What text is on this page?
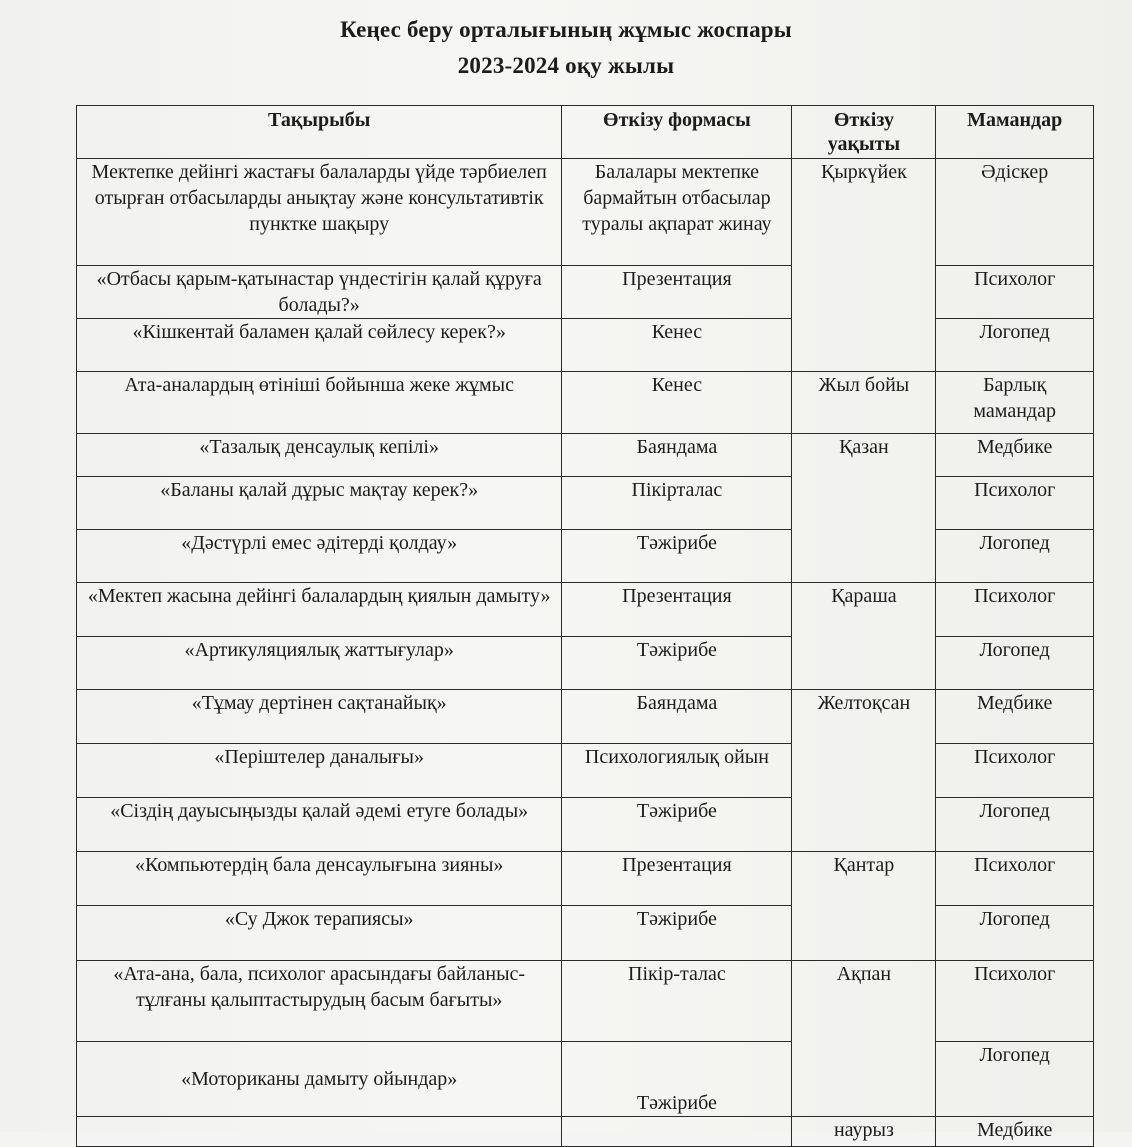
Кеңес беру орталығының жұмыс жоспары
2023-2024 оқу жылы
Тақырыбы	Өткізу формасы	Өткізу уақыты	Мамандар
Мектепке дейінгі жастағы балаларды үйде тәрбиелеп отырған отбасыларды анықтау және консультативтік пунктке шақыру	Балалары мектепке бармайтын отбасылар туралы ақпарат жинау	Қыркүйек	Әдіскер
«Отбасы қарым-қатынастар үндестігін қалай құруға болады?»	Презентация		Психолог
«Кішкентай баламен қалай сөйлесу керек?»	Кенес		Логопед
Ата-аналардың өтініші бойынша жеке жұмыс	Кенес	Жыл бойы	Барлық мамандар
«Тазалық денсаулық кепілі»	Баяндама	Қазан	Медбике
«Баланы қалай дұрыс мақтау керек?»	Пікірталас		Психолог
«Дәстүрлі емес әдітерді қолдау»	Тәжірибе		Логопед
«Мектеп жасына дейінгі балалардың қиялын дамыту»	Презентация	Қараша	Психолог
«Артикуляциялық жаттығулар»	Тәжірибе		Логопед
«Тұмау дертінен сақтанайық»	Баяндама	Желтоқсан	Медбике
«Періштелер даналығы»	Психологиялық ойын		Психолог
«Сіздің дауысыңызды қалай әдемі етуге болады»	Тәжірибе		Логопед
«Компьютердің бала денсаулығына зияны»	Презентация	Қантар	Психолог
«Су Джок терапиясы»	Тәжірибе		Логопед
«Ата-ана, бала, психолог арасындағы байланыс-тұлғаны қалыптастырудың басым бағыты»	Пікір-талас	Ақпан	Психолог
«Моториканы дамыту ойындар»	Тәжірибе		Логопед
		наурыз	Медбике
